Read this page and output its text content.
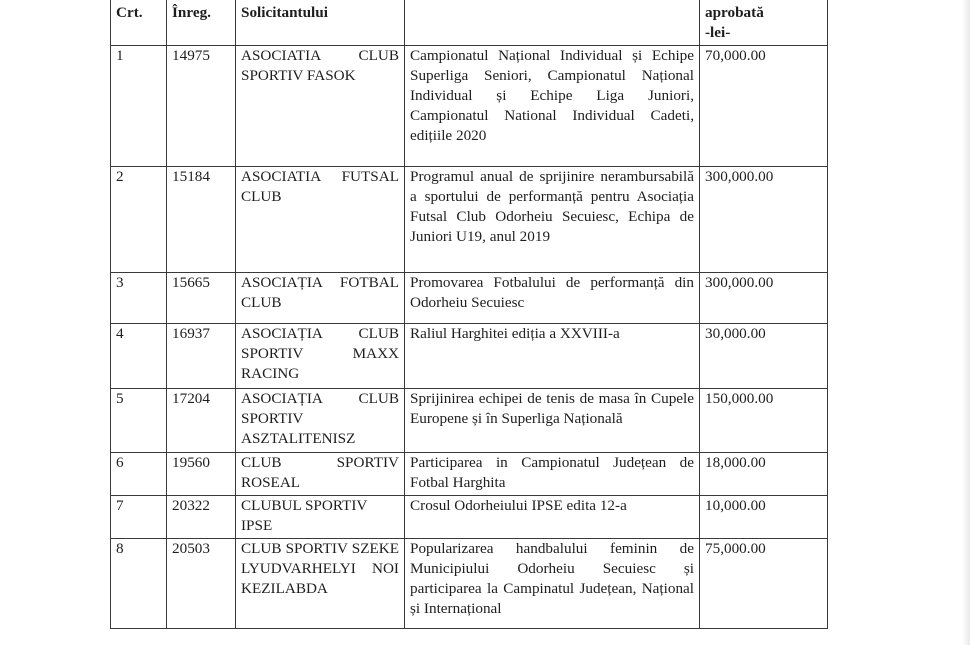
Crt.	Înreg.	Solicitantului		aprobată
-lei-
1	14975	ASOCIATIA CLUB SPORTIV FASOK	Campionatul Național Individual și Echipe Superliga Seniori, Campionatul Național Individual și Echipe Liga Juniori, Campionatul National Individual Cadeti, edițiile 2020	70,000.00
2	15184	ASOCIATIA FUTSAL CLUB	Programul anual de sprijinire nerambursabilă a sportului de performanță pentru Asociația Futsal Club Odorheiu Secuiesc, Echipa de Juniori U19, anul 2019	300,000.00
3	15665	ASOCIAȚIA FOTBAL CLUB	Promovarea Fotbalului de performanță din Odorheiu Secuiesc	300,000.00
4	16937	ASOCIAȚIA CLUB SPORTIV MAXX RACING	Raliul Harghitei ediția a XXVIII-a	30,000.00
5	17204	ASOCIAȚIA CLUB SPORTIV ASZTALITENISZ	Sprijinirea echipei de tenis de masa în Cupele Europene și în Superliga Națională	150,000.00
6	19560	CLUB SPORTIV ROSEAL	Participarea in Campionatul Județean de Fotbal Harghita	18,000.00
7	20322	CLUBUL SPORTIV IPSE	Crosul Odorheiului IPSE edita 12-a	10,000.00
8	20503	CLUB SPORTIV SZEKELYUDVARHELYI NOI KEZILABDA	Popularizarea handbalului feminin de Municipiului Odorheiu Secuiesc și participarea la Campinatul Județean, Național și Internațional	75,000.00
